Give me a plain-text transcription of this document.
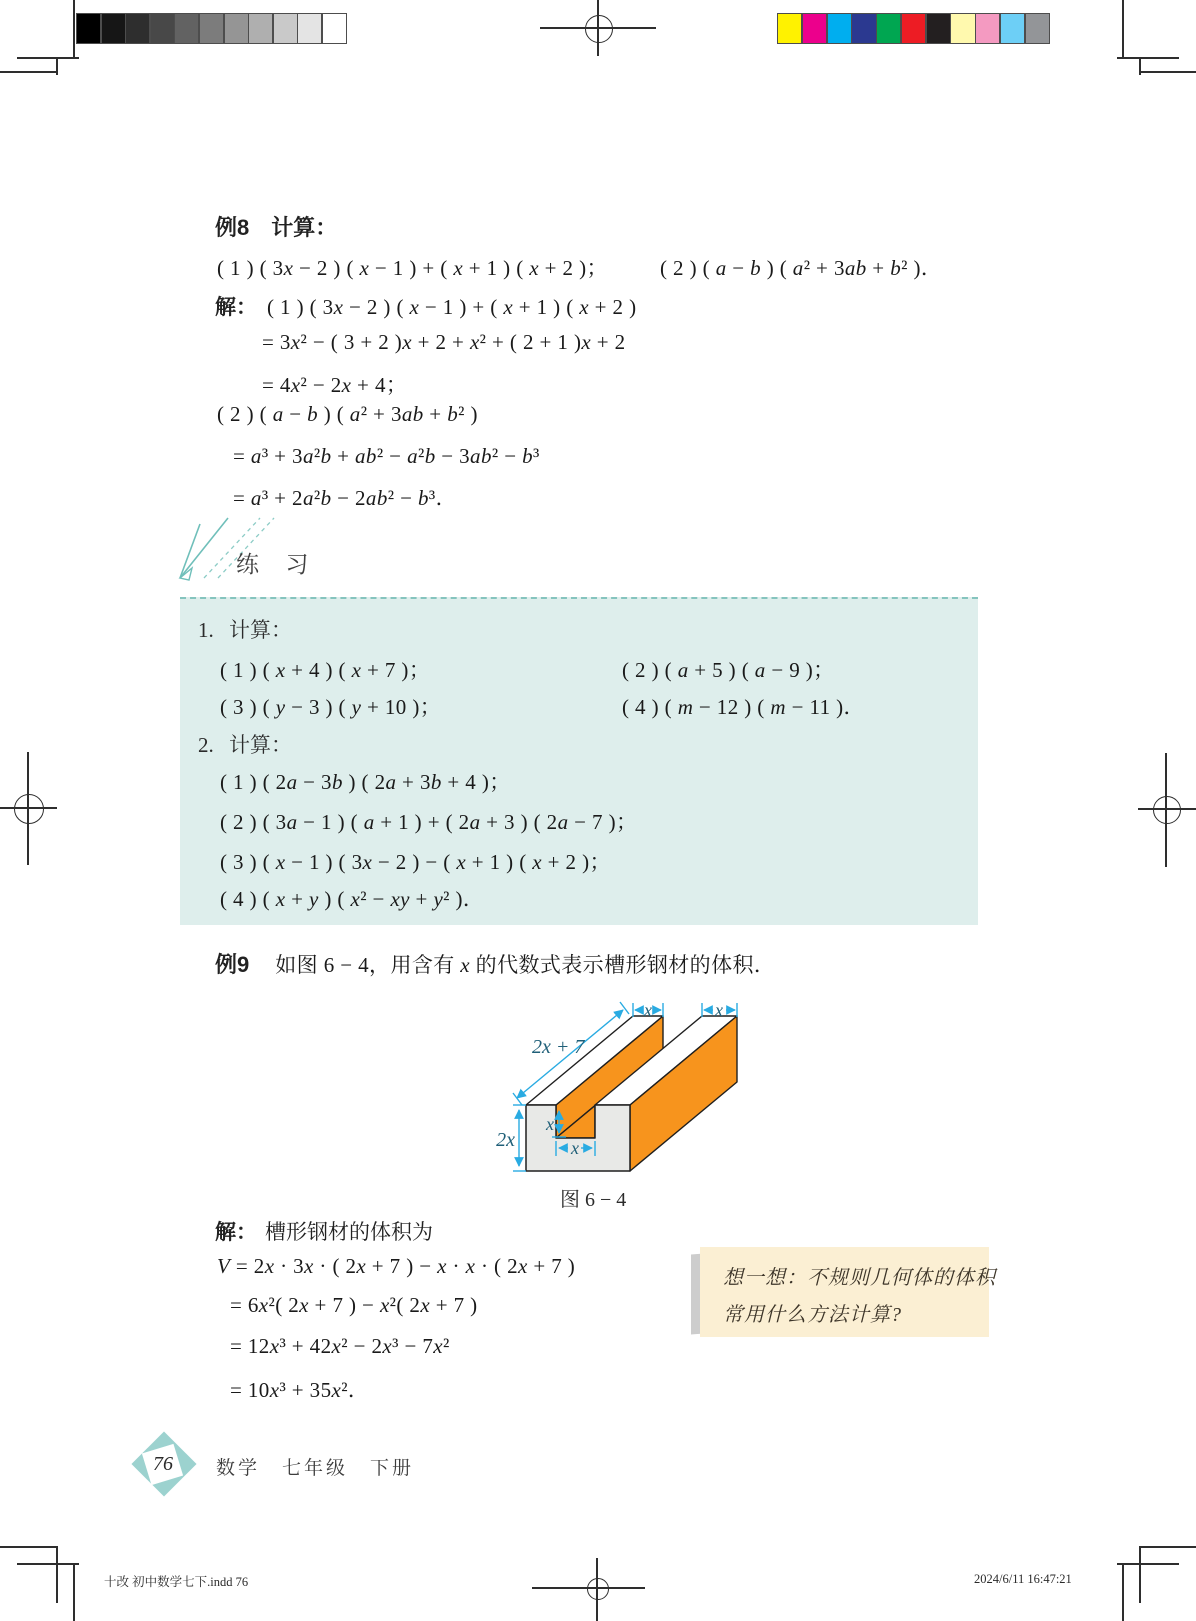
例8 计算：
( 1 ) ( 3x − 2 ) ( x − 1 ) + ( x + 1 ) ( x + 2 )； ( 2 ) ( a − b ) ( a² + 3ab + b² )．
解： ( 1 ) ( 3x − 2 ) ( x − 1 ) + ( x + 1 ) ( x + 2 )
= 3x² − ( 3 + 2 )x + 2 + x² + ( 2 + 1 )x + 2
= 4x² − 2x + 4；
( 2 ) ( a − b ) ( a² + 3ab + b² )
= a³ + 3a²b + ab² − a²b − 3ab² − b³
= a³ + 2a²b − 2ab² − b³．
练 习
1. 计算：
( 1 ) ( x + 4 ) ( x + 7 )；	( 2 ) ( a + 5 ) ( a − 9 )；
( 3 ) ( y − 3 ) ( y + 10 )；	( 4 ) ( m − 12 ) ( m − 11 )．
2. 计算：
( 1 ) ( 2a − 3b ) ( 2a + 3b + 4 )；
( 2 ) ( 3a − 1 ) ( a + 1 ) + ( 2a + 3 ) ( 2a − 7 )；
( 3 ) ( x − 1 ) ( 3x − 2 ) − ( x + 1 ) ( x + 2 )；
( 4 ) ( x + y ) ( x² − xy + y² )．
例9 如图 6 − 4，用含有 x 的代数式表示槽形钢材的体积．
2x + 7
x	x
2x
x
x
图 6 − 4
解： 槽形钢材的体积为
V = 2x · 3x · ( 2x + 7 ) − x · x · ( 2x + 7 )
= 6x²( 2x + 7 ) − x²( 2x + 7 )
= 12x³ + 42x² − 2x³ − 7x²
= 10x³ + 35x²．
想一想：不规则几何体的体积
常用什么方法计算?
76 数学　七年级　下册
十改 初中数学七下.indd 76	2024/6/11 16:47:21
